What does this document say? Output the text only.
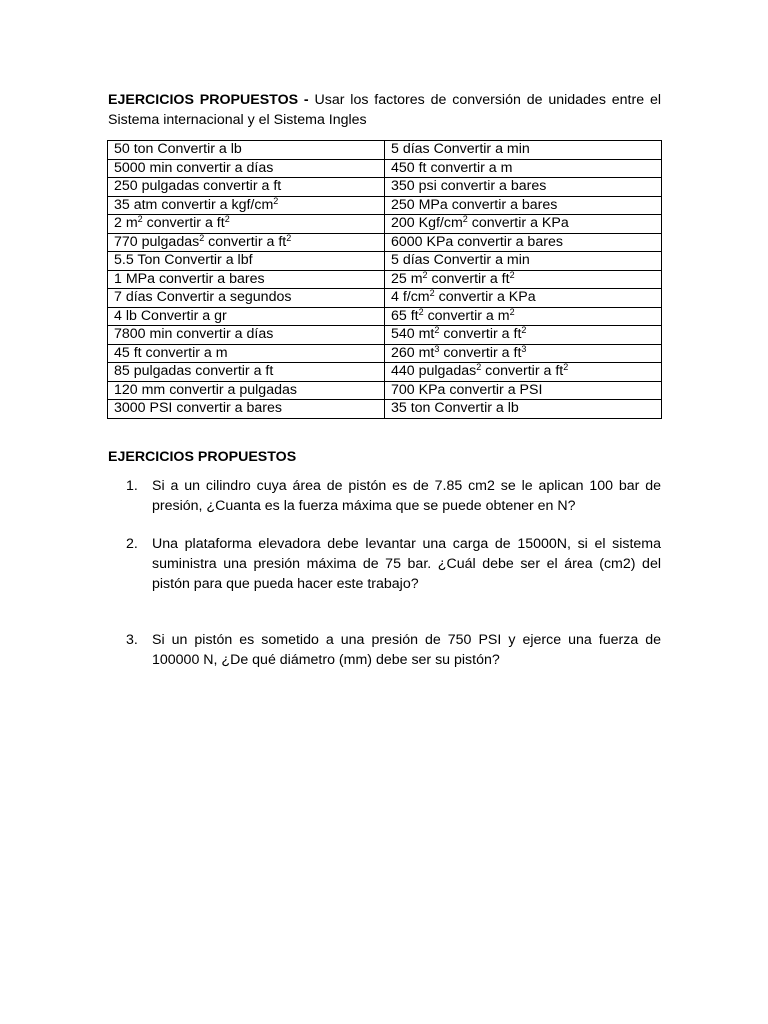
EJERCICIOS PROPUESTOS - Usar los factores de conversión de unidades entre el Sistema internacional y el Sistema Ingles

50 ton Convertir a lb	5 días Convertir a min
5000 min convertir a días	450 ft convertir a m
250 pulgadas convertir a ft	350 psi convertir a bares
35 atm convertir a kgf/$cm^2$	250 MPa convertir a bares
2 $m^2$ convertir a $ft^2$	200 Kgf/$cm^2$ convertir a KPa
770 pulgadas$^2$ convertir a $ft^2$	6000 KPa convertir a bares
5.5 Ton Convertir a lbf	5 días Convertir a min
1 MPa convertir a bares	25 $m^2$ convertir a $ft^2$
7 días Convertir a segundos	4 $f/cm^2$ convertir a KPa
4 lb Convertir a gr	65 $ft^2$ convertir a $m^2$
7800 min convertir a días	540 $mt^2$ convertir a $ft^2$
45 ft convertir a m	260 $mt^3$ convertir a $ft^3$
85 pulgadas convertir a ft	440 pulgadas$^2$ convertir a $ft^2$
120 mm convertir a pulgadas	700 KPa convertir a PSI
3000 PSI convertir a bares	35 ton Convertir a lb

EJERCICIOS PROPUESTOS

1. Si a un cilindro cuya área de pistón es de 7.85 cm2 se le aplican 100 bar de presión, ¿Cuanta es la fuerza máxima que se puede obtener en N?

2. Una plataforma elevadora debe levantar una carga de 15000N, si el sistema suministra una presión máxima de 75 bar. ¿Cuál debe ser el área (cm2) del pistón para que pueda hacer este trabajo?

3. Si un pistón es sometido a una presión de 750 PSI y ejerce una fuerza de 100000 N, ¿De qué diámetro (mm) debe ser su pistón?
